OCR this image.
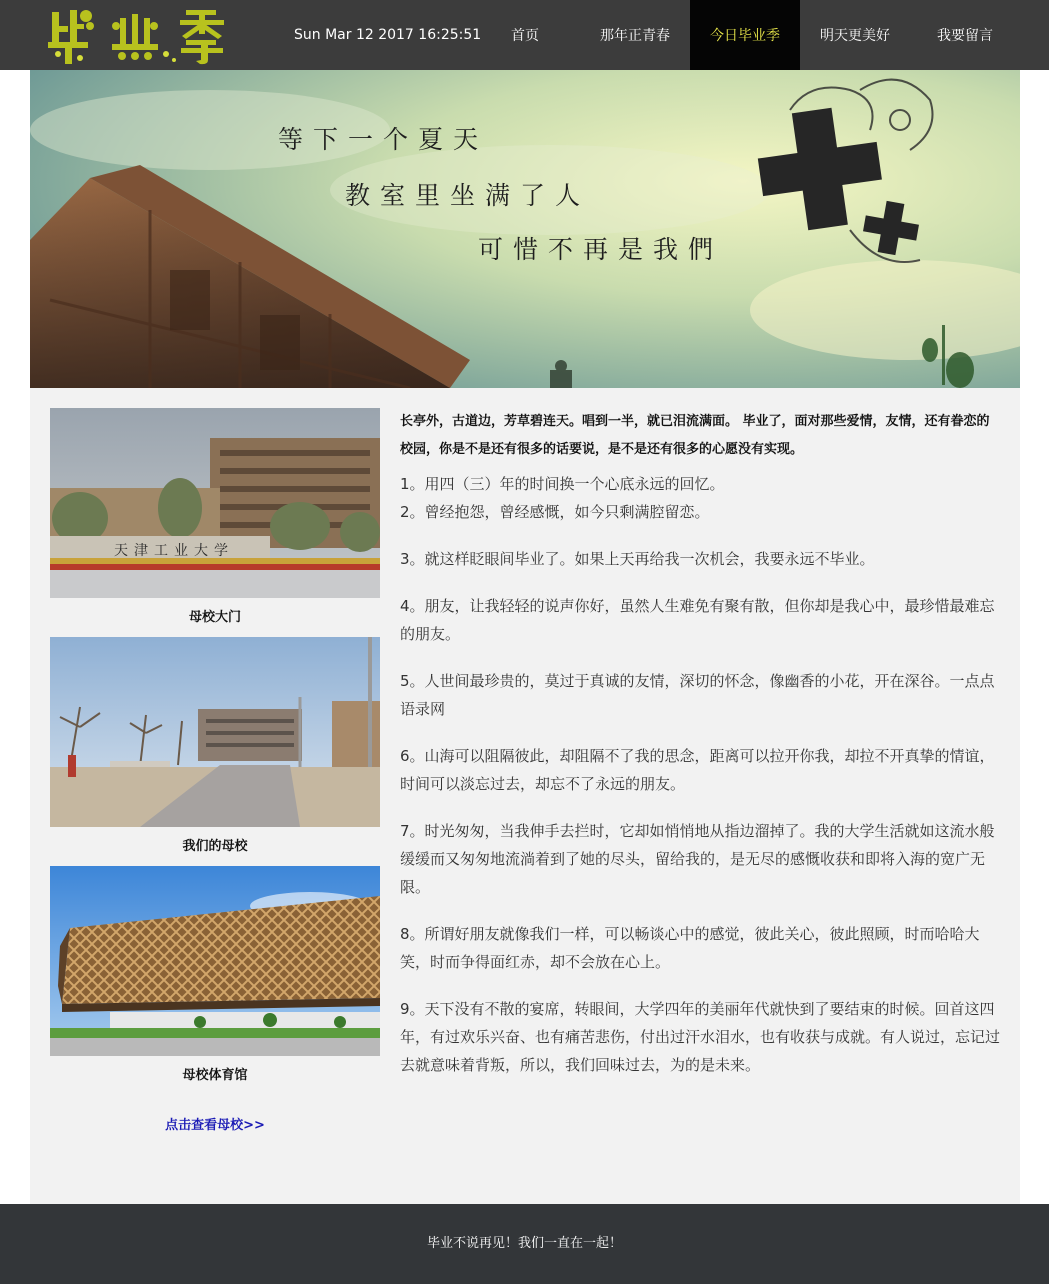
Sun Mar 12 2017 16:25:51	首页	那年正青春	今日毕业季	明天更美好	我要留言
等下一个夏天
教室里坐满了人
可惜不再是我們
天津工业大学
母校大门
我们的母校
母校体育馆
点击查看母校>>

长亭外，古道边，芳草碧连天。唱到一半，就已泪流满面。 毕业了，面对那些爱情，友情，还有眷恋的校园，你是不是还有很多的话要说，是不是还有很多的心愿没有实现。

1。用四（三）年的时间换一个心底永远的回忆。

2。曾经抱怨，曾经感慨，如今只剩满腔留恋。

3。就这样眨眼间毕业了。如果上天再给我一次机会，我要永远不毕业。

4。朋友，让我轻轻的说声你好，虽然人生难免有聚有散，但你却是我心中，最珍惜最难忘的朋友。

5。人世间最珍贵的，莫过于真诚的友情，深切的怀念，像幽香的小花，开在深谷。一点点语录网

6。山海可以阻隔彼此，却阻隔不了我的思念，距离可以拉开你我，却拉不开真挚的情谊，时间可以淡忘过去，却忘不了永远的朋友。

7。时光匆匆，当我伸手去拦时，它却如悄悄地从指边溜掉了。我的大学生活就如这流水般缓缓而又匆匆地流淌着到了她的尽头，留给我的，是无尽的感慨收获和即将入海的宽广无限。

8。所谓好朋友就像我们一样，可以畅谈心中的感觉，彼此关心，彼此照顾，时而哈哈大笑，时而争得面红赤，却不会放在心上。

9。天下没有不散的宴席，转眼间，大学四年的美丽年代就快到了要结束的时候。回首这四年，有过欢乐兴奋、也有痛苦悲伤，付出过汗水泪水，也有收获与成就。有人说过，忘记过去就意味着背叛，所以，我们回味过去，为的是未来。

毕业不说再见！我们一直在一起！
